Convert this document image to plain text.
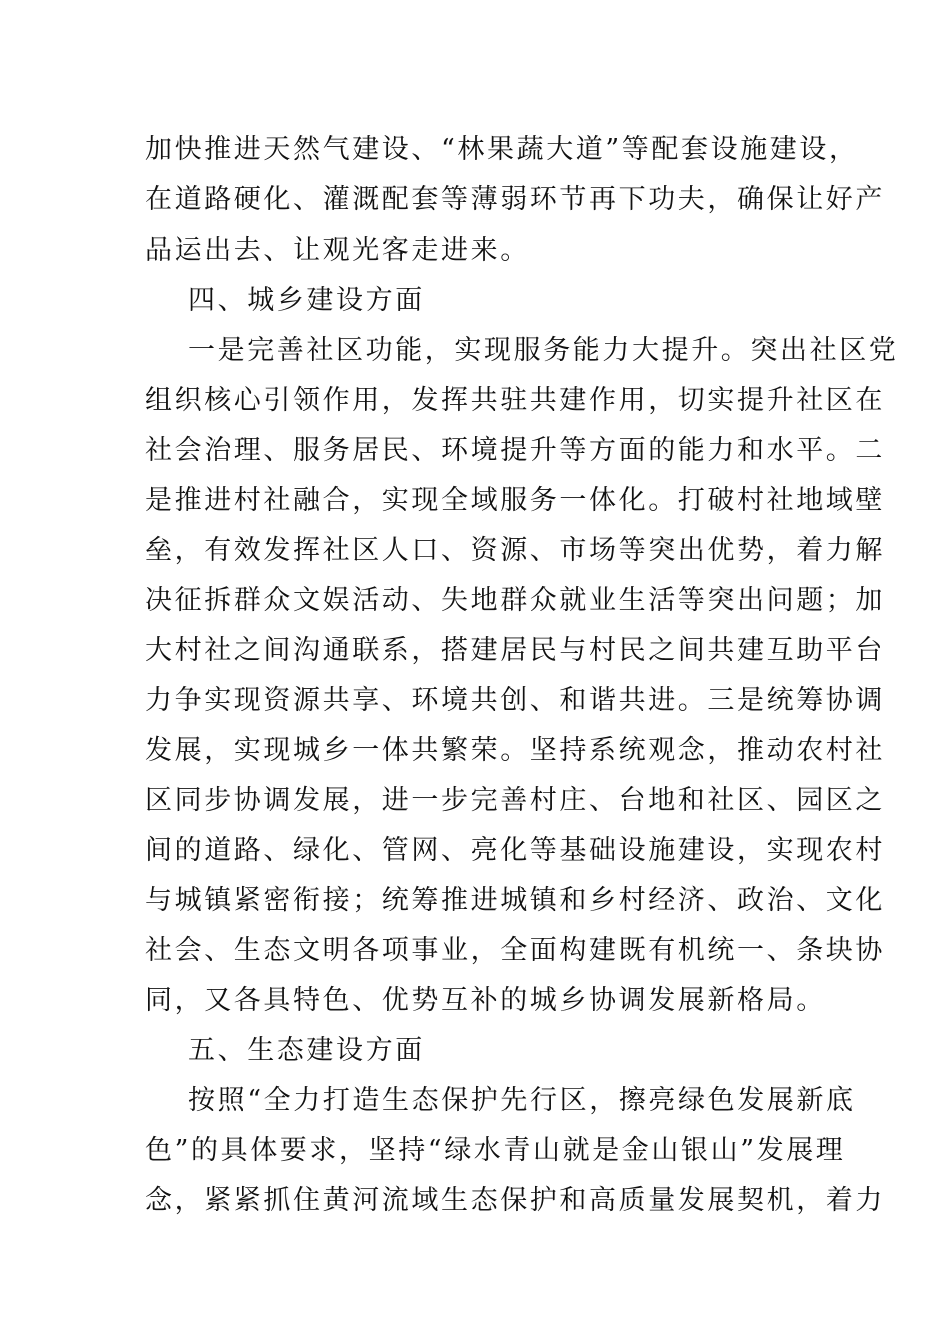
加快推进天然气建设、“林果蔬大道”等配套设施建设，
在道路硬化、灌溉配套等薄弱环节再下功夫，确保让好产
品运出去、让观光客走进来。
四、城乡建设方面
一是完善社区功能，实现服务能力大提升。突出社区党
组织核心引领作用，发挥共驻共建作用，切实提升社区在
社会治理、服务居民、环境提升等方面的能力和水平。二
是推进村社融合，实现全域服务一体化。打破村社地域壁
垒，有效发挥社区人口、资源、市场等突出优势，着力解
决征拆群众文娱活动、失地群众就业生活等突出问题；加
大村社之间沟通联系，搭建居民与村民之间共建互助平台
力争实现资源共享、环境共创、和谐共进。三是统筹协调
发展，实现城乡一体共繁荣。坚持系统观念，推动农村社
区同步协调发展，进一步完善村庄、台地和社区、园区之
间的道路、绿化、管网、亮化等基础设施建设，实现农村
与城镇紧密衔接；统筹推进城镇和乡村经济、政治、文化
社会、生态文明各项事业，全面构建既有机统一、条块协
同，又各具特色、优势互补的城乡协调发展新格局。
五、生态建设方面
按照“全力打造生态保护先行区，擦亮绿色发展新底
色”的具体要求，坚持“绿水青山就是金山银山”发展理
念，紧紧抓住黄河流域生态保护和高质量发展契机，着力
